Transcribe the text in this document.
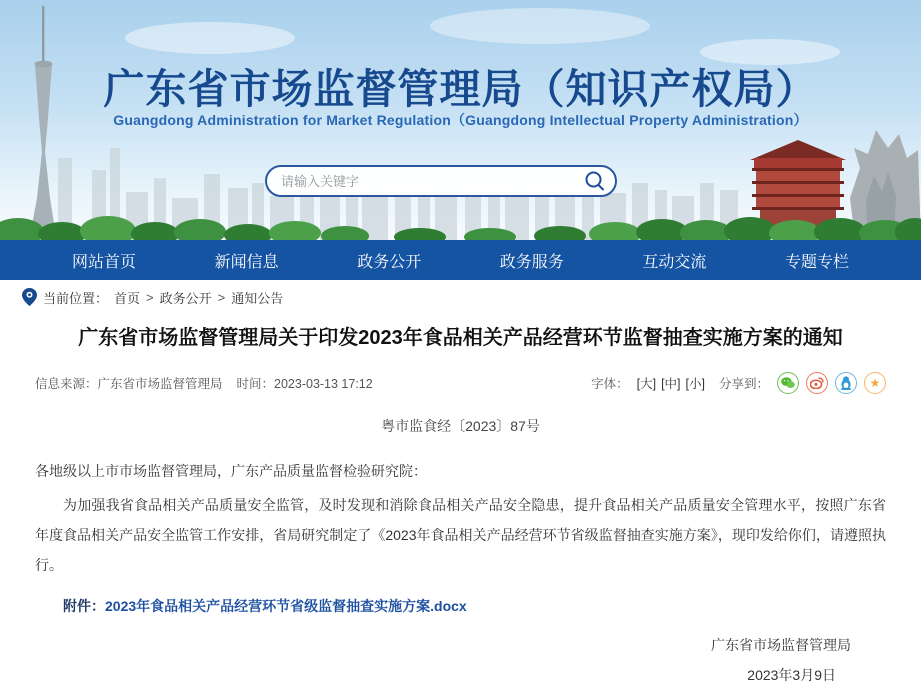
广东省市场监督管理局（知识产权局）
Guangdong Administration for Market Regulation（Guangdong Intellectual Property Administration）
请输入关键字
网站首页	新闻信息	政务公开	政务服务	互动交流	专题专栏
当前位置： 首页 > 政务公开 > 通知公告
广东省市场监督管理局关于印发2023年食品相关产品经营环节监督抽查实施方案的通知
信息来源：广东省市场监督管理局 时间：2023-03-13 17:12	字体： [大] [中] [小] 分享到：	★
粤市监食经〔2023〕87号
各地级以上市市场监督管理局，广东产品质量监督检验研究院：

为加强我省食品相关产品质量安全监管，及时发现和消除食品相关产品安全隐患，提升食品相关产品质量安全管理水平，按照广东省年度食品相关产品安全监管工作安排，省局研究制定了《2023年食品相关产品经营环节省级监督抽查实施方案》，现印发给你们，请遵照执行。

附件：2023年食品相关产品经营环节省级监督抽查实施方案.docx
广东省市场监督管理局
2023年3月9日
